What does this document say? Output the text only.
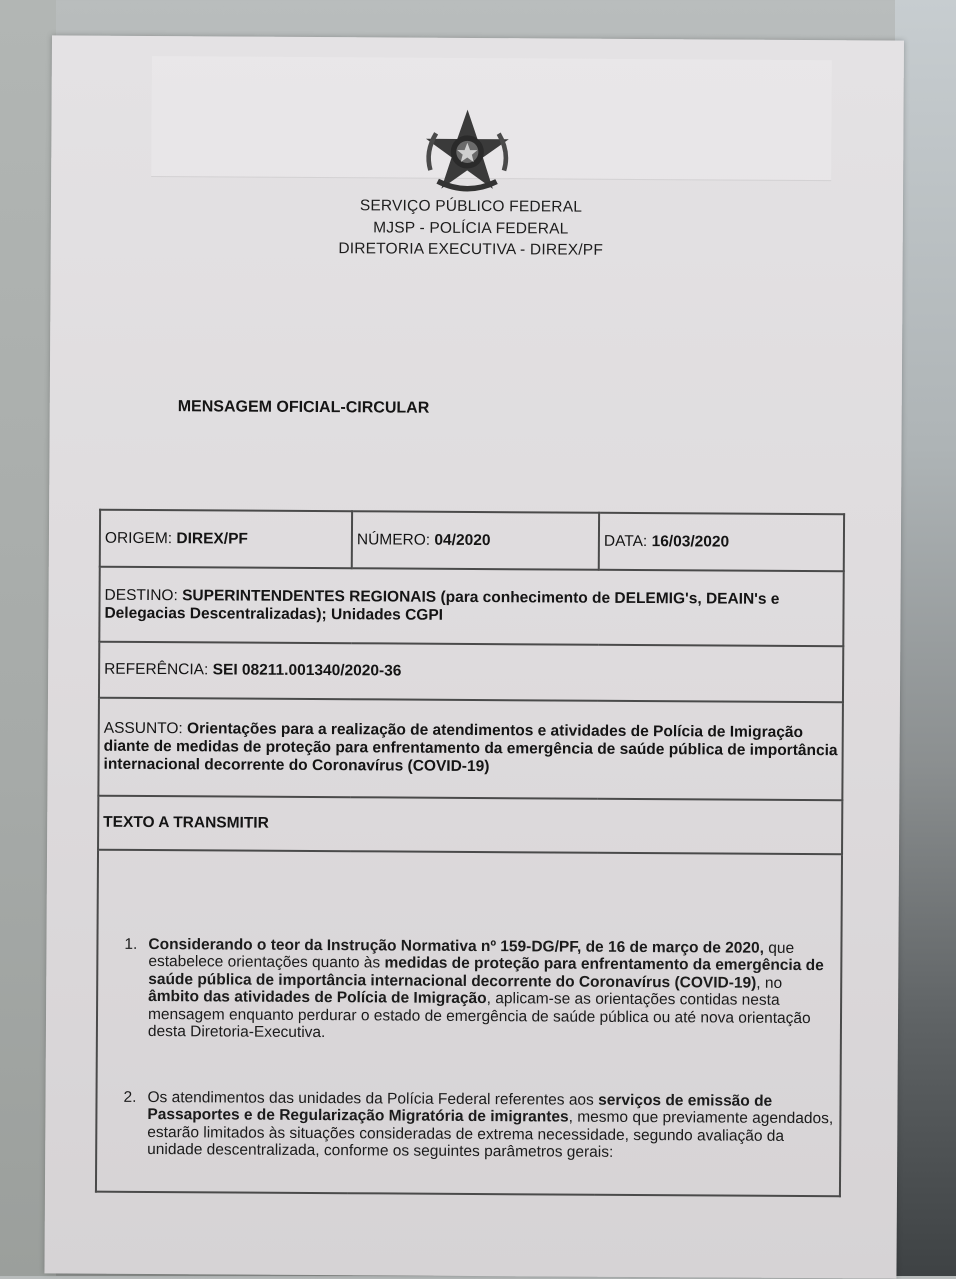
SERVIÇO PÚBLICO FEDERAL
MJSP - POLÍCIA FEDERAL
DIRETORIA EXECUTIVA - DIREX/PF
MENSAGEM OFICIAL-CIRCULAR
ORIGEM: DIREX/PF	NÚMERO: 04/2020	DATA: 16/03/2020
DESTINO: SUPERINTENDENTES REGIONAIS (para conhecimento de DELEMIG's, DEAIN's e Delegacias Descentralizadas); Unidades CGPI
REFERÊNCIA: SEI 08211.001340/2020-36
ASSUNTO: Orientações para a realização de atendimentos e atividades de Polícia de Imigração diante de medidas de proteção para enfrentamento da emergência de saúde pública de importância internacional decorrente do Coronavírus (COVID-19)
TEXTO A TRANSMITIR

1. Considerando o teor da Instrução Normativa nº 159-DG/PF, de 16 de março de 2020, que estabelece orientações quanto às medidas de proteção para enfrentamento da emergência de saúde pública de importância internacional decorrente do Coronavírus (COVID-19), no âmbito das atividades de Polícia de Imigração, aplicam-se as orientações contidas nesta mensagem enquanto perdurar o estado de emergência de saúde pública ou até nova orientação desta Diretoria-Executiva.
2. Os atendimentos das unidades da Polícia Federal referentes aos serviços de emissão de Passaportes e de Regularização Migratória de imigrantes, mesmo que previamente agendados, estarão limitados às situações consideradas de extrema necessidade, segundo avaliação da unidade descentralizada, conforme os seguintes parâmetros gerais:
